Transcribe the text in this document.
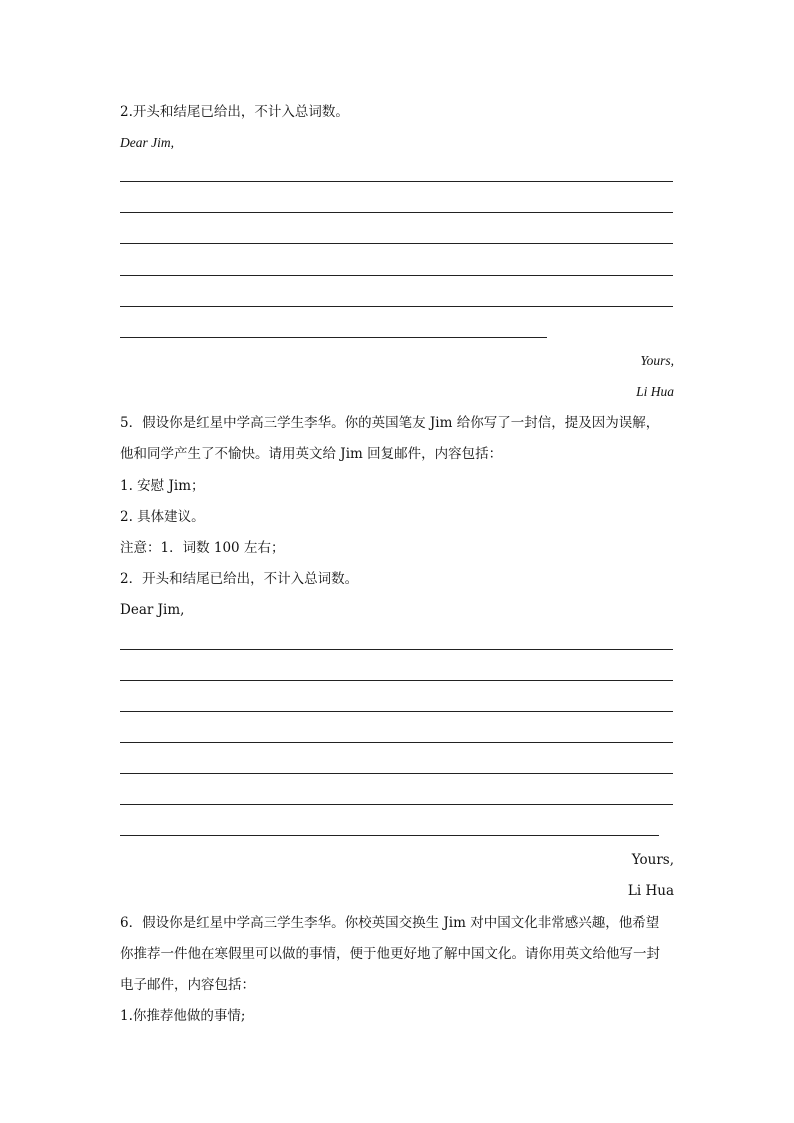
2.开头和结尾已给出，不计入总词数。
Dear Jim,
Yours,
Li Hua
5．假设你是红星中学高三学生李华。你的英国笔友 Jim 给你写了一封信，提及因为误解，
他和同学产生了不愉快。请用英文给 Jim 回复邮件，内容包括：
1. 安慰 Jim；
2. 具体建议。
注意：1．词数 100 左右；
2．开头和结尾已给出，不计入总词数。
Dear Jim,
Yours,
Li Hua
6．假设你是红星中学高三学生李华。你校英国交换生 Jim 对中国文化非常感兴趣，他希望
你推荐一件他在寒假里可以做的事情，便于他更好地了解中国文化。请你用英文给他写一封
电子邮件，内容包括：
1.你推荐他做的事情;
